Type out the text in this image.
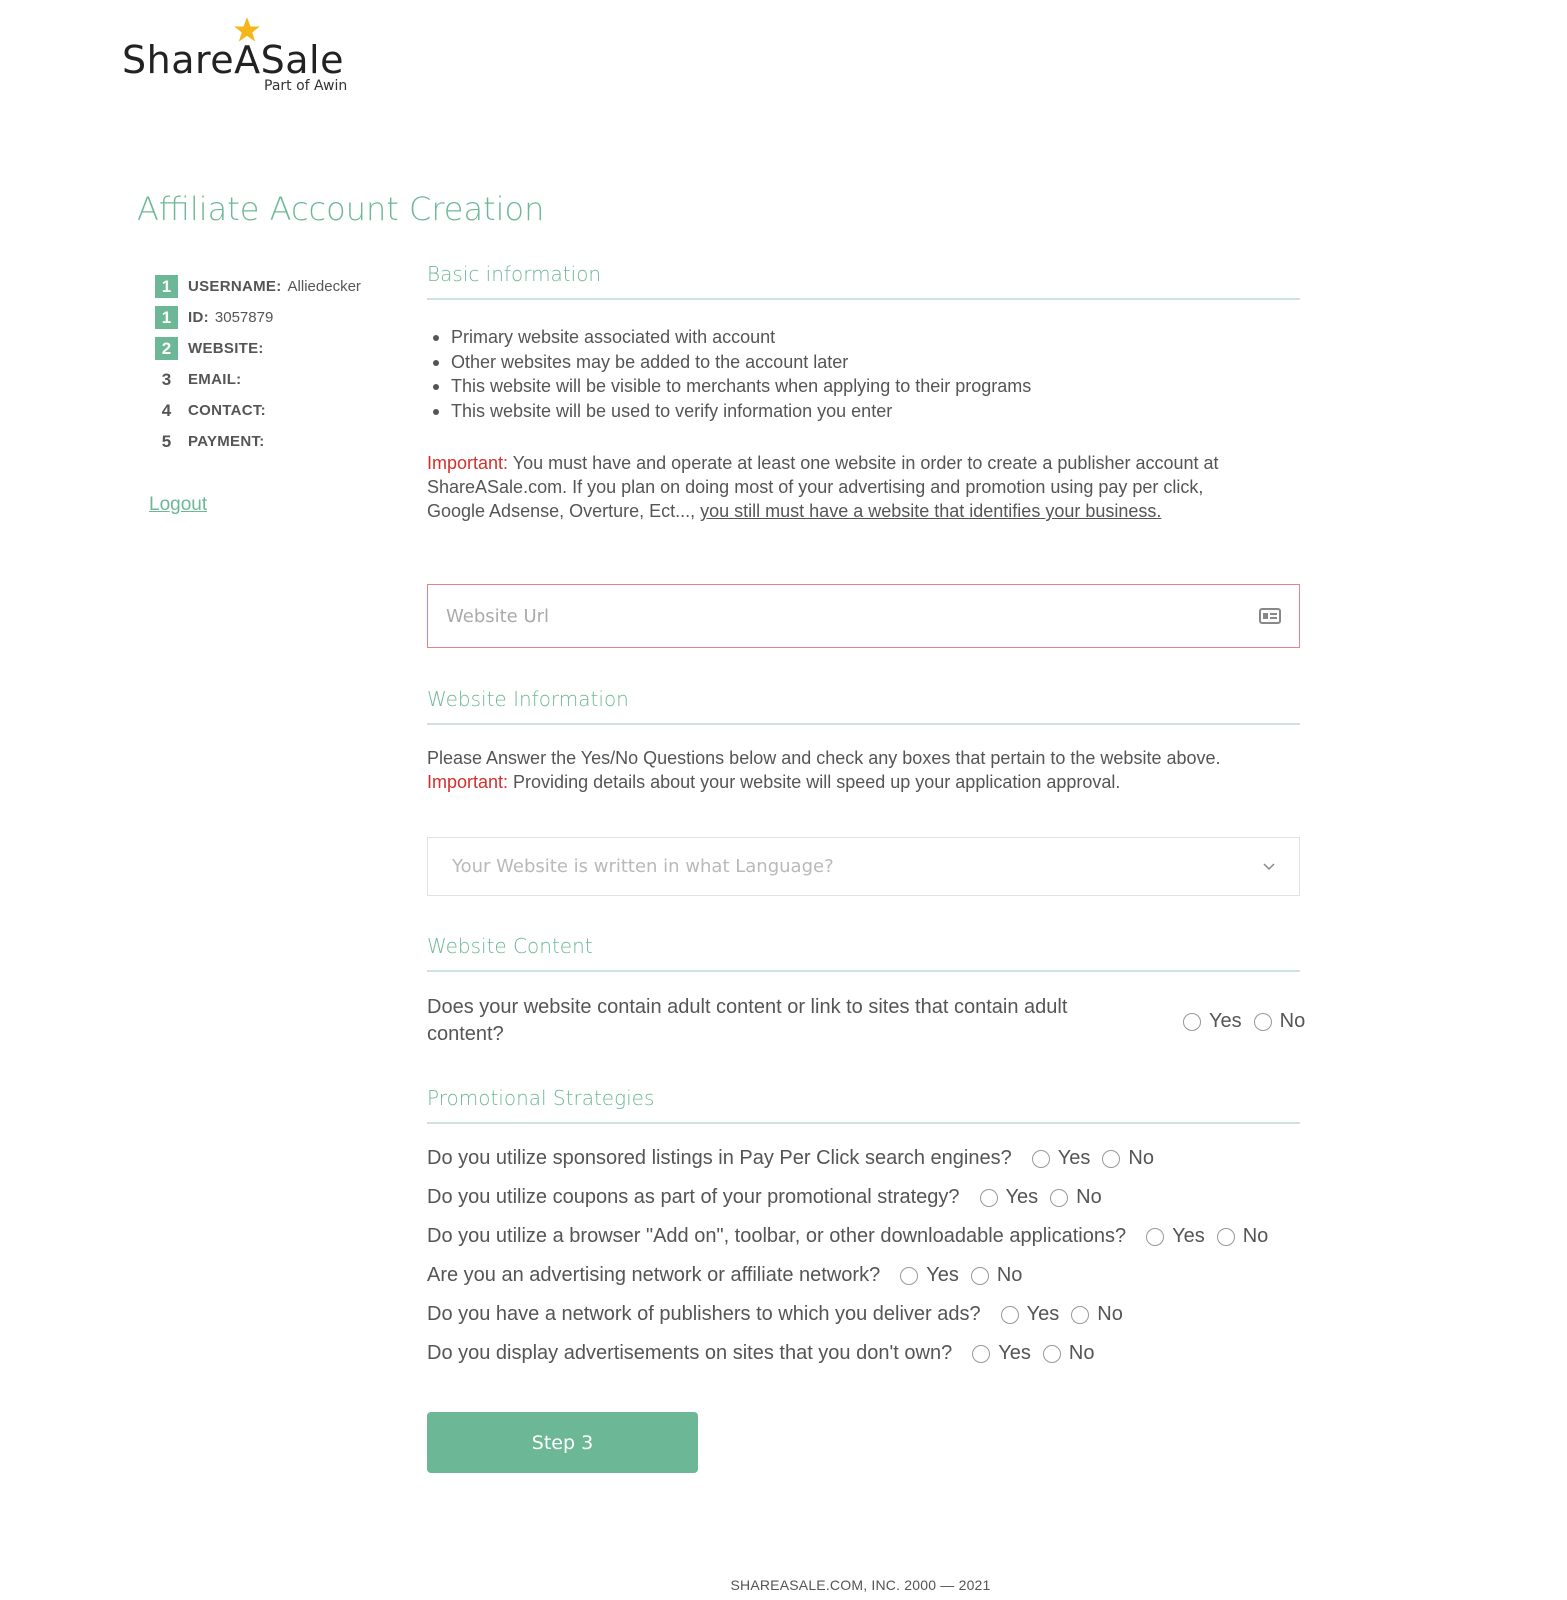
ShareASale
Part of Awin
Affiliate Account Creation
1	USERNAME: Alliedecker
1	ID: 3057879
2	WEBSITE:
3	EMAIL:
4	CONTACT:
5	PAYMENT:
Logout
Basic information
Primary website associated with account
Other websites may be added to the account later
This website will be visible to merchants when applying to their programs
This website will be used to verify information you enter

Important: You must have and operate at least one website in order to create a publisher account at ShareASale.com. If you plan on doing most of your advertising and promotion using pay per click, Google Adsense, Overture, Ect..., you still must have a website that identifies your business.

Website Url
Website Information

Please Answer the Yes/No Questions below and check any boxes that pertain to the website above. Important: Providing details about your website will speed up your application approval.

Your Website is written in what Language?
Website Content

Does your website contain adult content or link to sites that contain adult content?

Yes No
Promotional Strategies
Do you utilize sponsored listings in Pay Per Click search engines? Yes No
Do you utilize coupons as part of your promotional strategy? Yes No
Do you utilize a browser "Add on", toolbar, or other downloadable applications? Yes No
Are you an advertising network or affiliate network? Yes No
Do you have a network of publishers to which you deliver ads? Yes No
Do you display advertisements on sites that you don't own? Yes No
Step 3
SHAREASALE.COM, INC. 2000 — 2021
